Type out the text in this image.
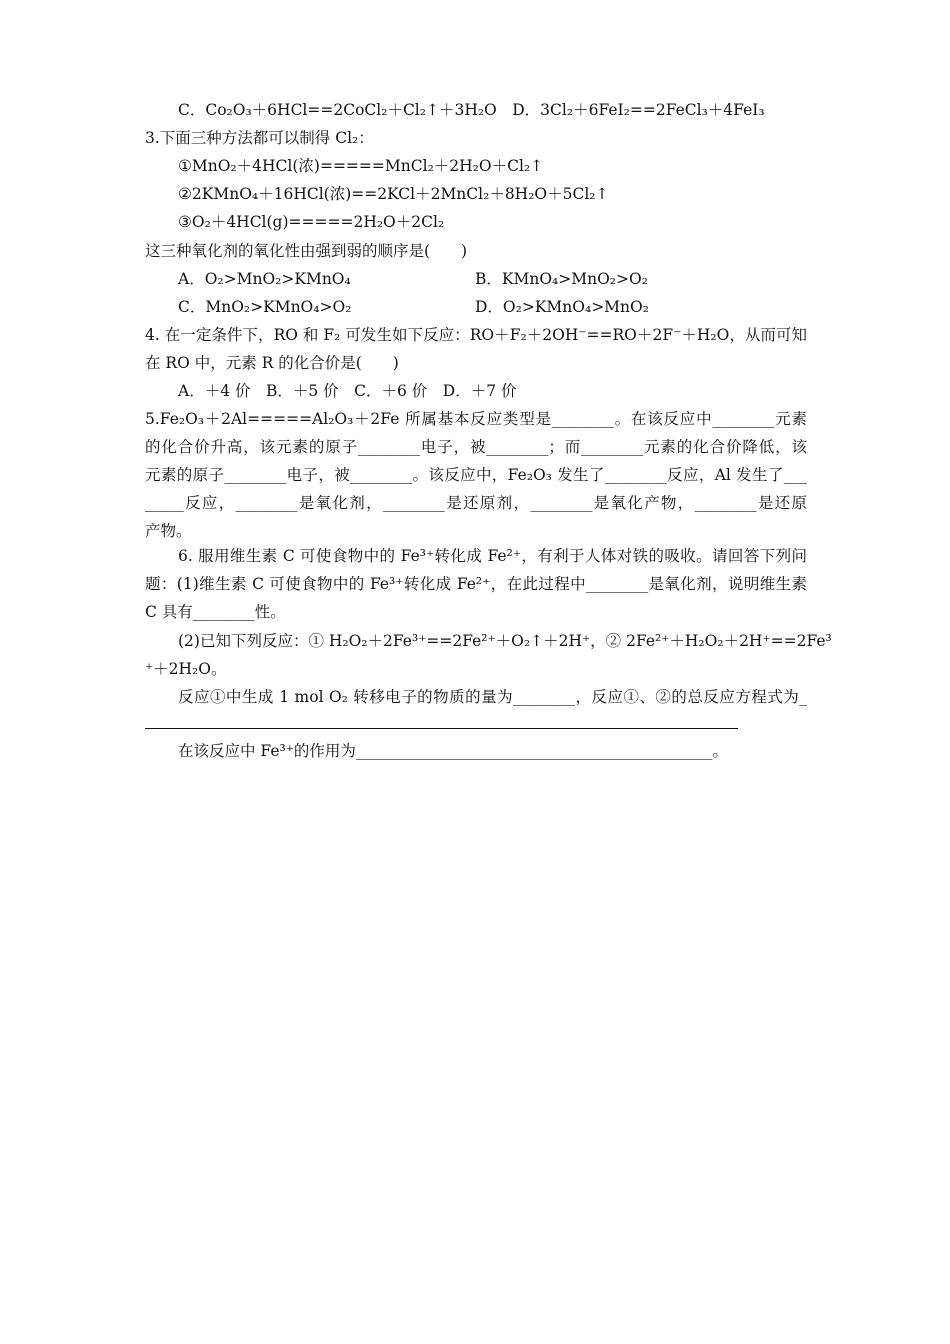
C．Co₂O₃＋6HCl==2CoCl₂＋Cl₂↑＋3H₂O　D．3Cl₂＋6FeI₂==2FeCl₃＋4FeI₃
3.下面三种方法都可以制得 Cl₂：
①MnO₂＋4HCl(浓)=====MnCl₂＋2H₂O＋Cl₂↑
②2KMnO₄＋16HCl(浓)==2KCl＋2MnCl₂＋8H₂O＋5Cl₂↑
③O₂＋4HCl(g)=====2H₂O＋2Cl₂
这三种氧化剂的氧化性由强到弱的顺序是(　　)
A．O₂>MnO₂>KMnO₄	B．KMnO₄>MnO₂>O₂
C．MnO₂>KMnO₄>O₂	D．O₂>KMnO₄>MnO₂
4. 在一定条件下，RO 和 F₂ 可发生如下反应：RO＋F₂＋2OH⁻==RO＋2F⁻＋H₂O，从而可知
在 RO 中，元素 R 的化合价是(　　)
A．＋4 价　B．＋5 价　C．＋6 价　D．＋7 价
5.Fe₂O₃＋2Al=====Al₂O₃＋2Fe 所属基本反应类型是________。在该反应中________元素
的化合价升高，该元素的原子________电子，被________；而________元素的化合价降低，该
元素的原子________电子，被________。该反应中，Fe₂O₃ 发生了________反应，Al 发生了___
_____反应，________是氧化剂，________是还原剂，________是氧化产物，________是还原
产物。
6. 服用维生素 C 可使食物中的 Fe³⁺转化成 Fe²⁺，有利于人体对铁的吸收。请回答下列问
题：(1)维生素 C 可使食物中的 Fe³⁺转化成 Fe²⁺，在此过程中________是氧化剂，说明维生素
C 具有________性。
(2)已知下列反应：① H₂O₂＋2Fe³⁺==2Fe²⁺＋O₂↑＋2H⁺，② 2Fe²⁺＋H₂O₂＋2H⁺==2Fe³
⁺＋2H₂O。
反应①中生成 1 mol O₂ 转移电子的物质的量为________，反应①、②的总反应方程式为_
在该反应中 Fe³⁺的作用为______________________________________________。
